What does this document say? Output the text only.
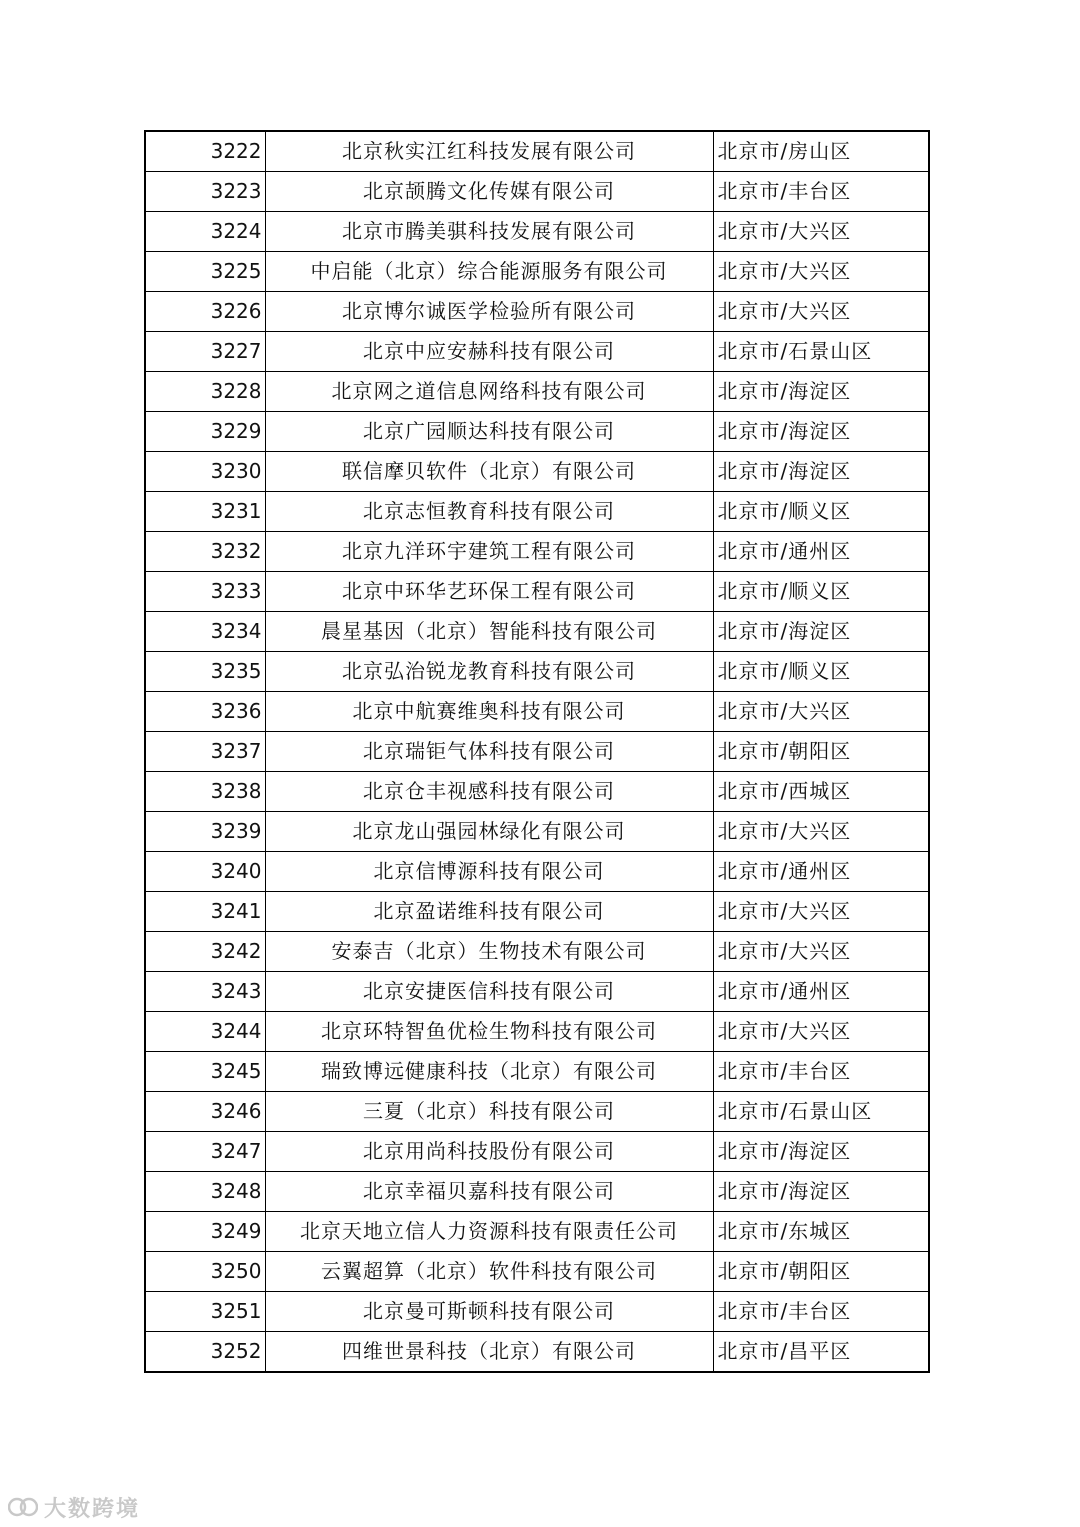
3222	北京秋实江红科技发展有限公司	北京市/房山区
3223	北京颉腾文化传媒有限公司	北京市/丰台区
3224	北京市腾美骐科技发展有限公司	北京市/大兴区
3225	中启能（北京）综合能源服务有限公司	北京市/大兴区
3226	北京博尔诚医学检验所有限公司	北京市/大兴区
3227	北京中应安赫科技有限公司	北京市/石景山区
3228	北京网之道信息网络科技有限公司	北京市/海淀区
3229	北京广园顺达科技有限公司	北京市/海淀区
3230	联信摩贝软件（北京）有限公司	北京市/海淀区
3231	北京志恒教育科技有限公司	北京市/顺义区
3232	北京九洋环宇建筑工程有限公司	北京市/通州区
3233	北京中环华艺环保工程有限公司	北京市/顺义区
3234	晨星基因（北京）智能科技有限公司	北京市/海淀区
3235	北京弘治锐龙教育科技有限公司	北京市/顺义区
3236	北京中航赛维奥科技有限公司	北京市/大兴区
3237	北京瑞钜气体科技有限公司	北京市/朝阳区
3238	北京仓丰视感科技有限公司	北京市/西城区
3239	北京龙山强园林绿化有限公司	北京市/大兴区
3240	北京信博源科技有限公司	北京市/通州区
3241	北京盈诺维科技有限公司	北京市/大兴区
3242	安泰吉（北京）生物技术有限公司	北京市/大兴区
3243	北京安捷医信科技有限公司	北京市/通州区
3244	北京环特智鱼优检生物科技有限公司	北京市/大兴区
3245	瑞致博远健康科技（北京）有限公司	北京市/丰台区
3246	三夏（北京）科技有限公司	北京市/石景山区
3247	北京用尚科技股份有限公司	北京市/海淀区
3248	北京幸福贝嘉科技有限公司	北京市/海淀区
3249	北京天地立信人力资源科技有限责任公司	北京市/东城区
3250	云翼超算（北京）软件科技有限公司	北京市/朝阳区
3251	北京曼可斯顿科技有限公司	北京市/丰台区
3252	四维世景科技（北京）有限公司	北京市/昌平区
大数跨境
